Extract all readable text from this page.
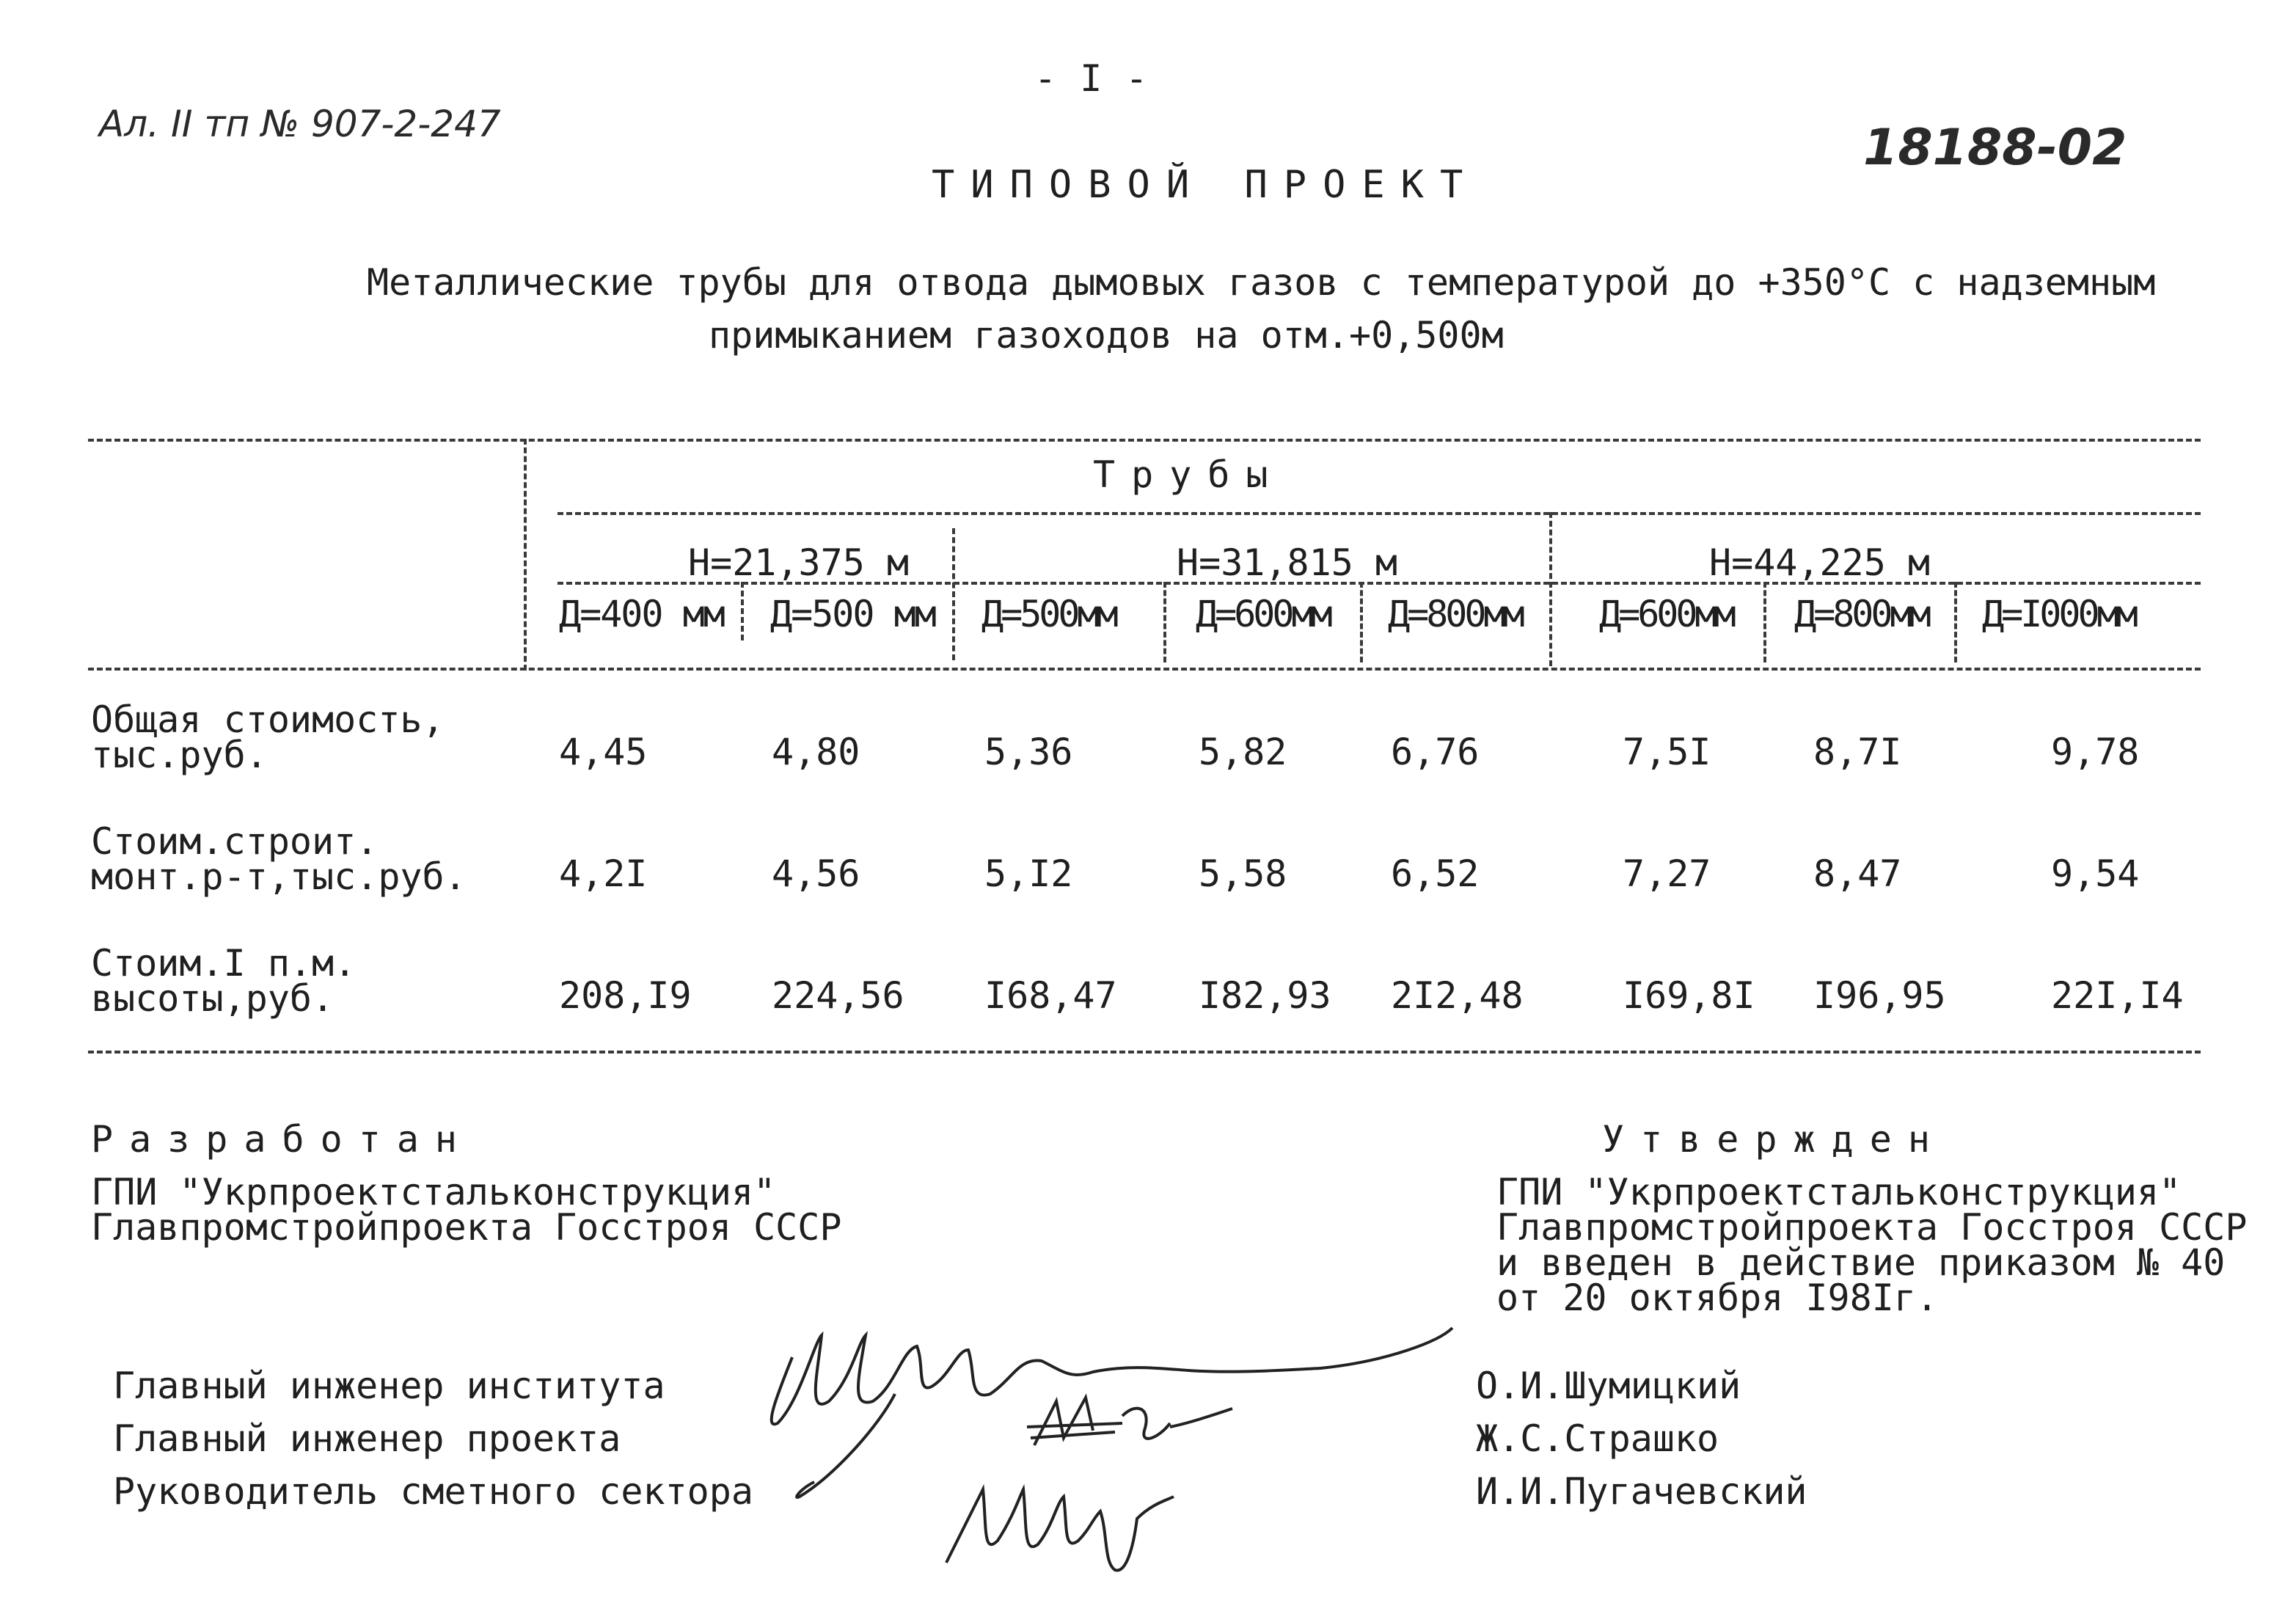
- I -
Ал. II тп № 907-2-247	18188-02
ТИПОВОЙ ПРОЕКТ
Металлические трубы для отвода дымовых газов с температурой до +350°С с надземным
примыканием газоходов на отм.+0,500м
Трубы
Н=21,375 м	Н=31,815 м	Н=44,225 м
Д=400 мм Д=500 мм Д=500мм Д=600мм Д=800мм Д=600мм Д=800мм Д=I000мм
Общая стоимость,
тыс.руб.	4,45	4,80	5,36	5,82	6,76	7,5I	8,7I	9,78
Стоим.строит.
монт.р-т,тыс.руб.	4,2I	4,56	5,I2	5,58	6,52	7,27	8,47	9,54
Стоим.I п.м.
высоты,руб.	208,I9 224,56 I68,47 I82,93 2I2,48	I69,8I I96,95	22I,I4
Разработан
ГПИ "Укрпроектстальконструкция"
Главпромстройпроекта Госстроя СССР
Утвержден
ГПИ "Укрпроектстальконструкция"
Главпромстройпроекта Госстроя СССР
и введен в действие приказом № 40
от 20 октября I98Iг.
Главный инженер института
Главный инженер проекта
Руководитель сметного сектора
О.И.Шумицкий
Ж.С.Страшко
И.И.Пугачевский
